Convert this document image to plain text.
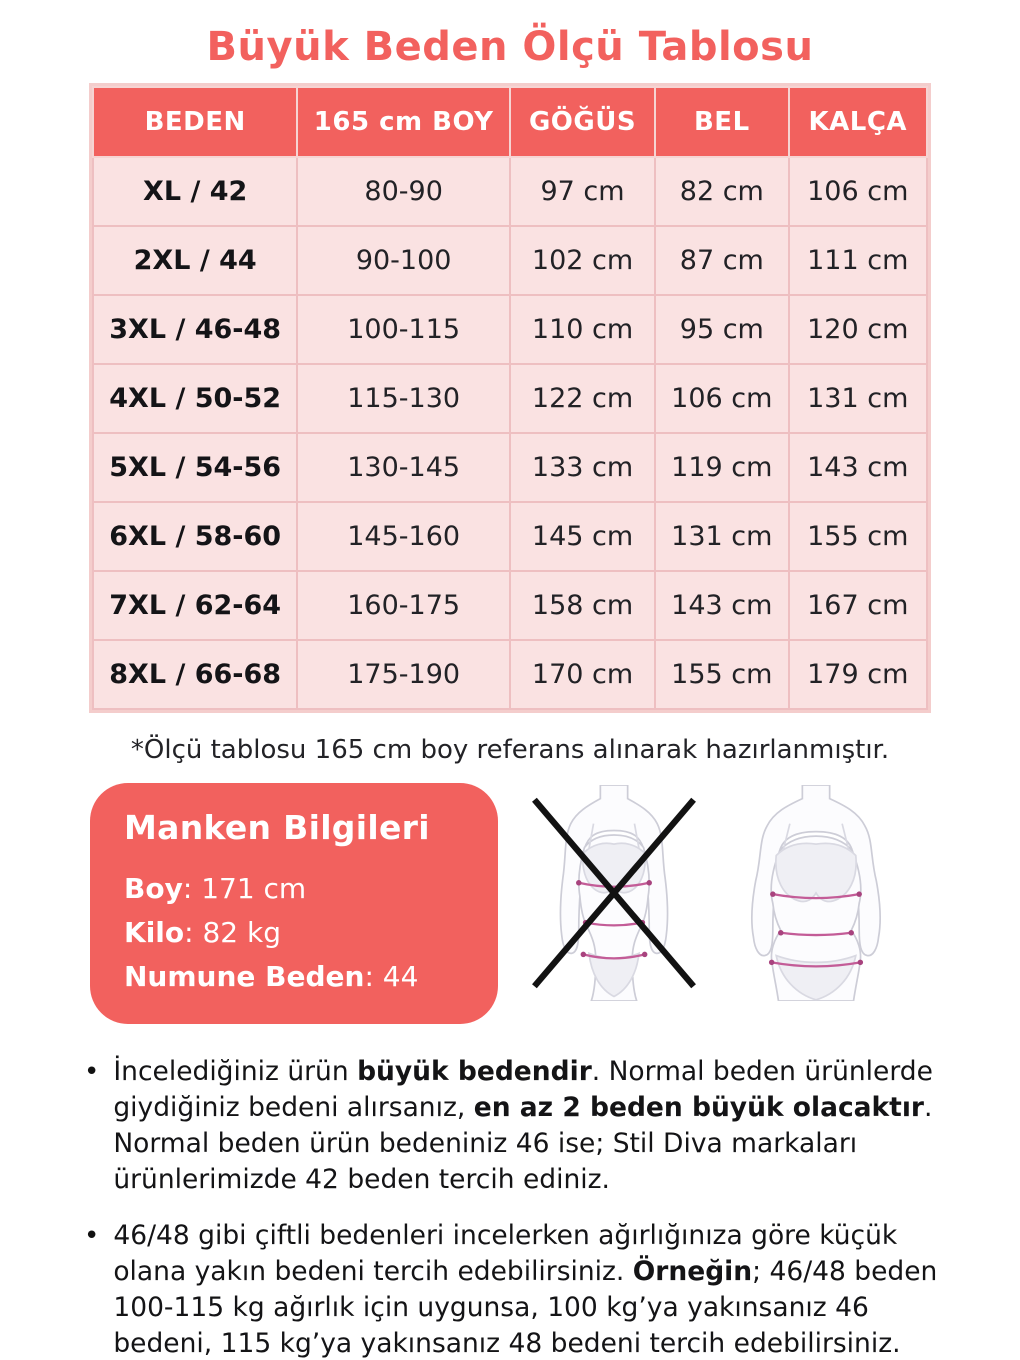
Büyük Beden Ölçü Tablosu
BEDEN	165 cm BOY	GÖĞÜS	BEL	KALÇA
XL / 42	80-90	97 cm	82 cm	106 cm
2XL / 44	90-100	102 cm	87 cm	111 cm
3XL / 46-48	100-115	110 cm	95 cm	120 cm
4XL / 50-52	115-130	122 cm	106 cm	131 cm
5XL / 54-56	130-145	133 cm	119 cm	143 cm
6XL / 58-60	145-160	145 cm	131 cm	155 cm
7XL / 62-64	160-175	158 cm	143 cm	167 cm
8XL / 66-68	175-190	170 cm	155 cm	179 cm

*Ölçü tablosu 165 cm boy referans alınarak hazırlanmıştır.

Manken Bilgileri

Boy: 171 cm

Kilo: 82 kg

Numune Beden: 44

• İncelediğiniz ürün büyük bedendir. Normal beden ürünlerde giydiğiniz bedeni alırsanız, en az 2 beden büyük olacaktır. Normal beden ürün bedeniniz 46 ise; Stil Diva markaları ürünlerimizde 42 beden tercih ediniz.

• 46/48 gibi çiftli bedenleri incelerken ağırlığınıza göre küçük olana yakın bedeni tercih edebilirsiniz. Örneğin; 46/48 beden 100-115 kg ağırlık için uygunsa, 100 kg’ya yakınsanız 46 bedeni, 115 kg’ya yakınsanız 48 bedeni tercih edebilirsiniz.
